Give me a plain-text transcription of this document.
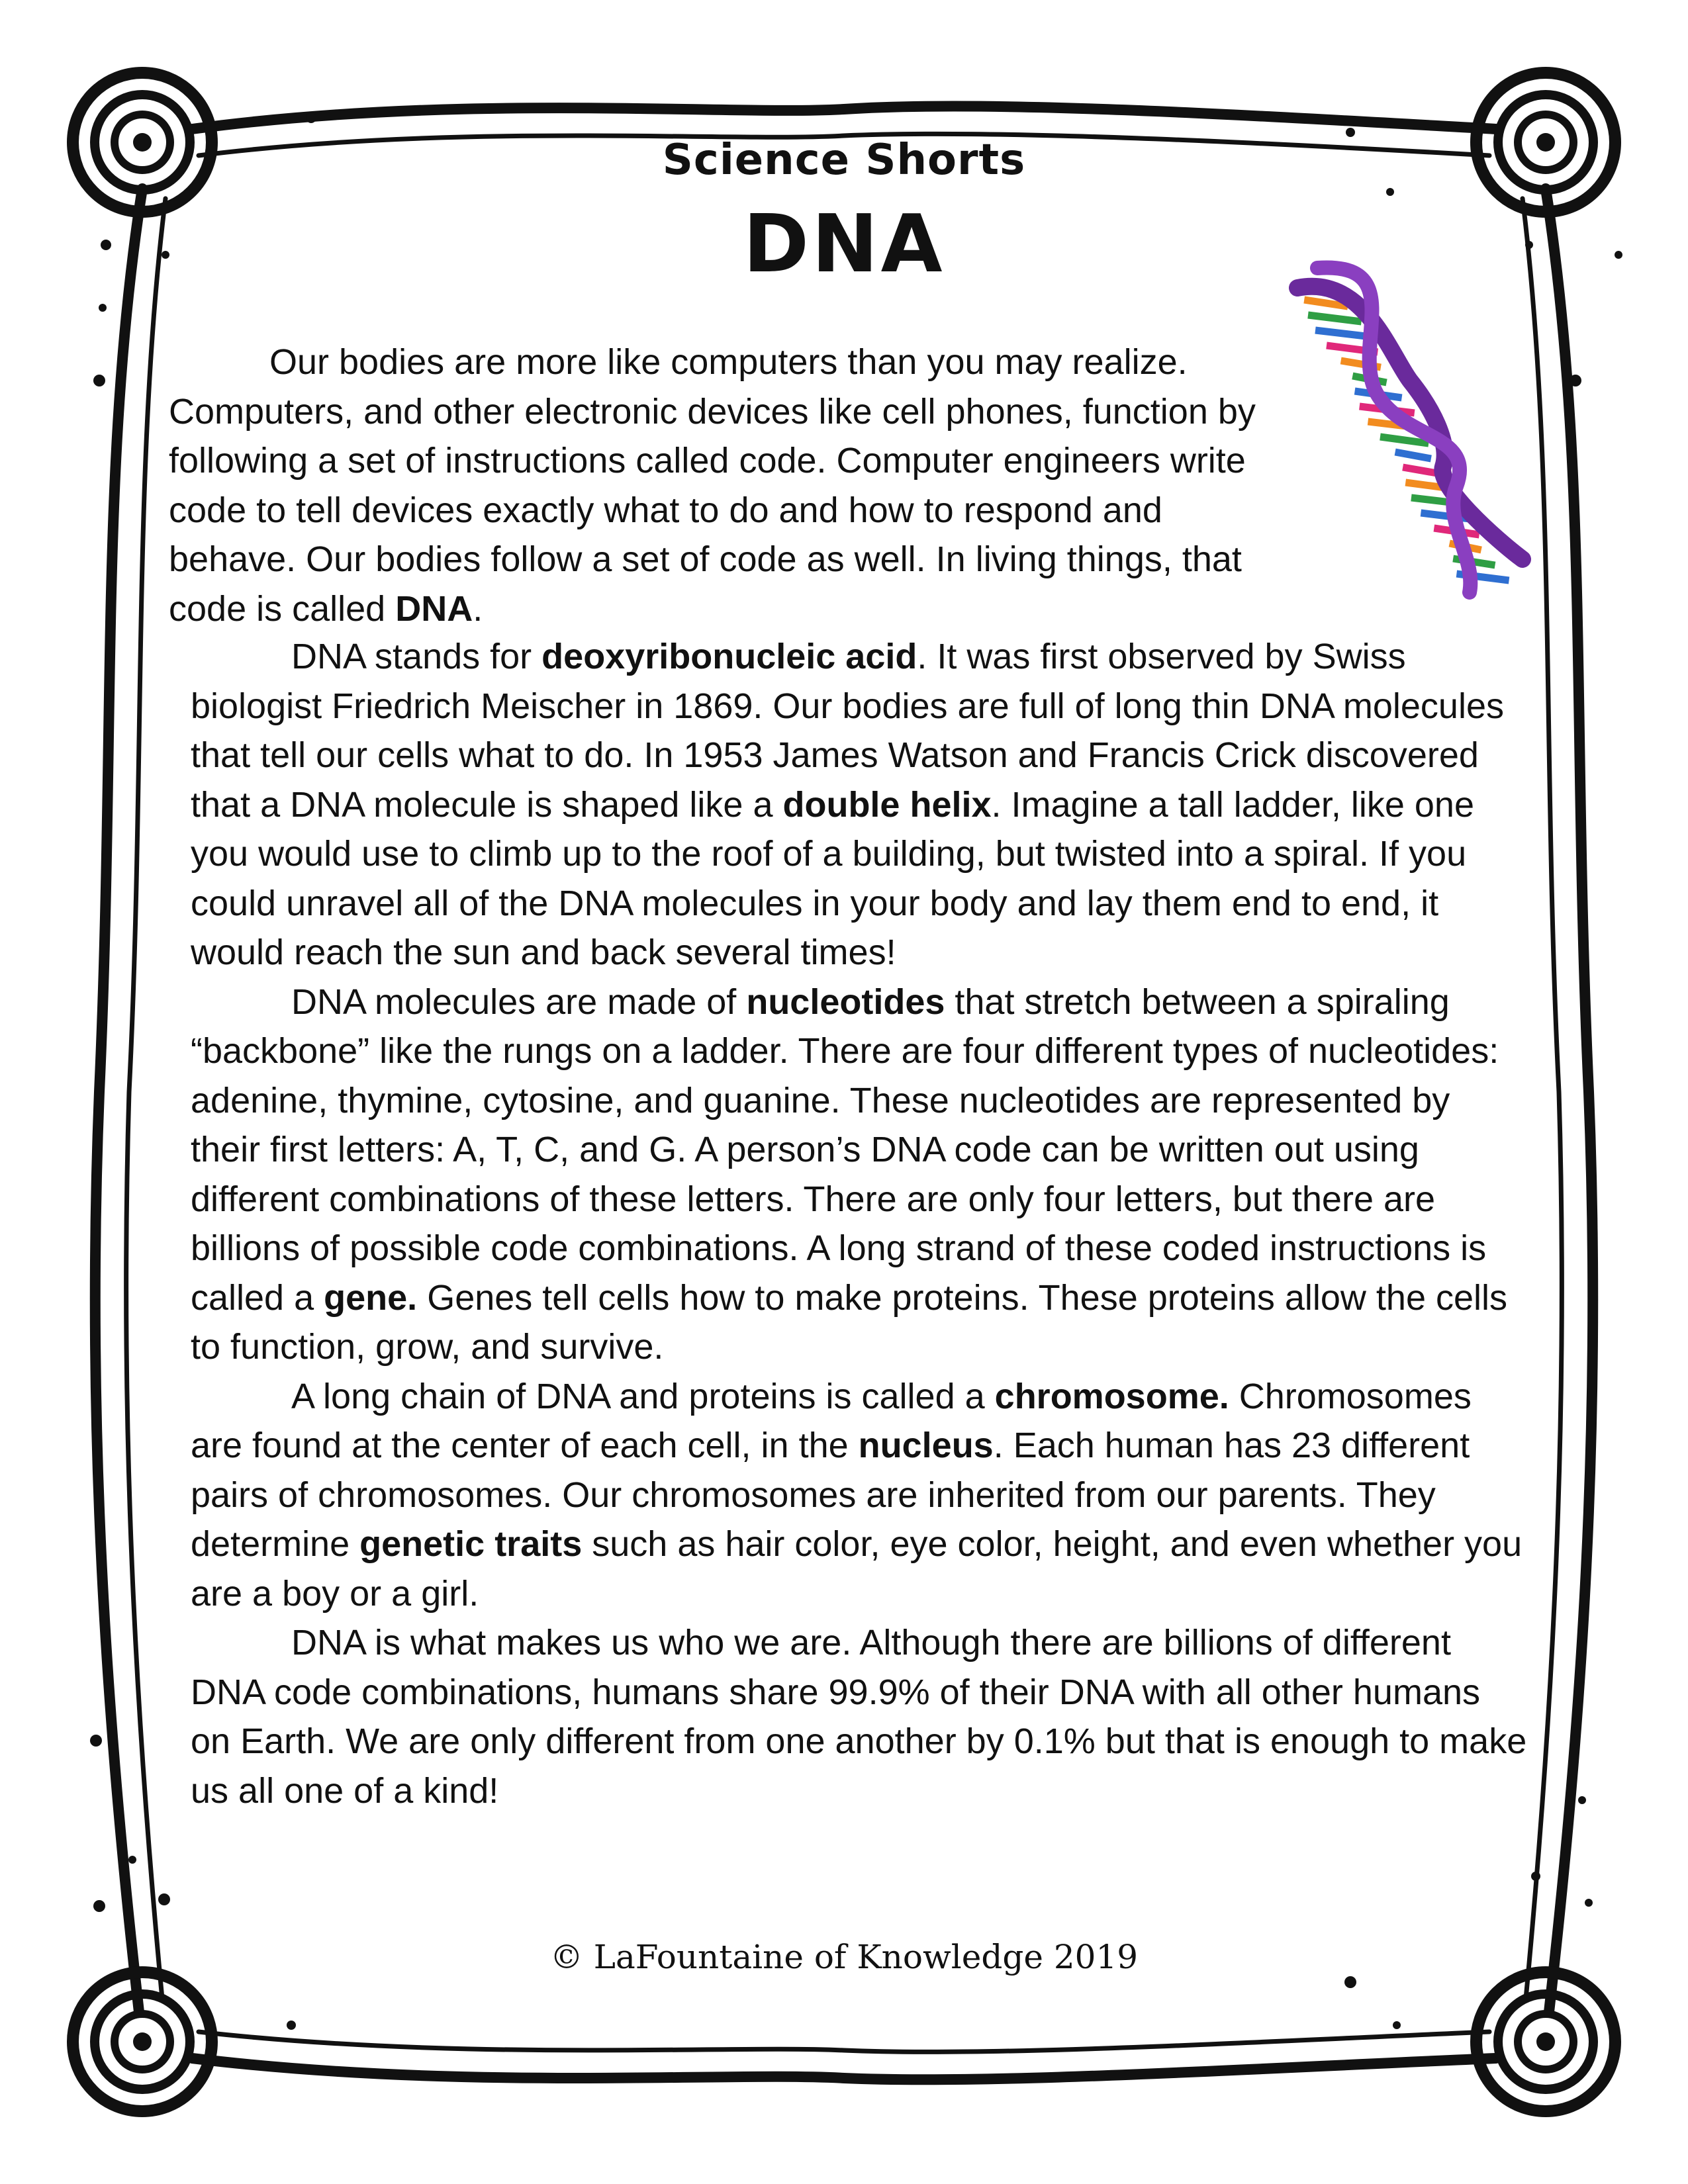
Science Shorts
DNA

Our bodies are more like computers than you may realize. Computers, and other electronic devices like cell phones, function by following a set of instructions called code. Computer engineers write code to tell devices exactly what to do and how to respond and behave. Our bodies follow a set of code as well. In living things, that code is called DNA.

DNA stands for deoxyribonucleic acid. It was first observed by Swiss biologist Friedrich Meischer in 1869. Our bodies are full of long thin DNA molecules that tell our cells what to do. In 1953 James Watson and Francis Crick discovered that a DNA molecule is shaped like a double helix. Imagine a tall ladder, like one you would use to climb up to the roof of a building, but twisted into a spiral. If you could unravel all of the DNA molecules in your body and lay them end to end, it would reach the sun and back several times!

DNA molecules are made of nucleotides that stretch between a spiraling “backbone” like the rungs on a ladder. There are four different types of nucleotides: adenine, thymine, cytosine, and guanine. These nucleotides are represented by their first letters: A, T, C, and G. A person’s DNA code can be written out using different combinations of these letters. There are only four letters, but there are billions of possible code combinations. A long strand of these coded instructions is called a gene. Genes tell cells how to make proteins. These proteins allow the cells to function, grow, and survive.

A long chain of DNA and proteins is called a chromosome. Chromosomes are found at the center of each cell, in the nucleus. Each human has 23 different pairs of chromosomes. Our chromosomes are inherited from our parents. They determine genetic traits such as hair color, eye color, height, and even whether you are a boy or a girl.

DNA is what makes us who we are. Although there are billions of different DNA code combinations, humans share 99.9% of their DNA with all other humans on Earth. We are only different from one another by 0.1% but that is enough to make us all one of a kind!

© LaFountaine of Knowledge 2019
